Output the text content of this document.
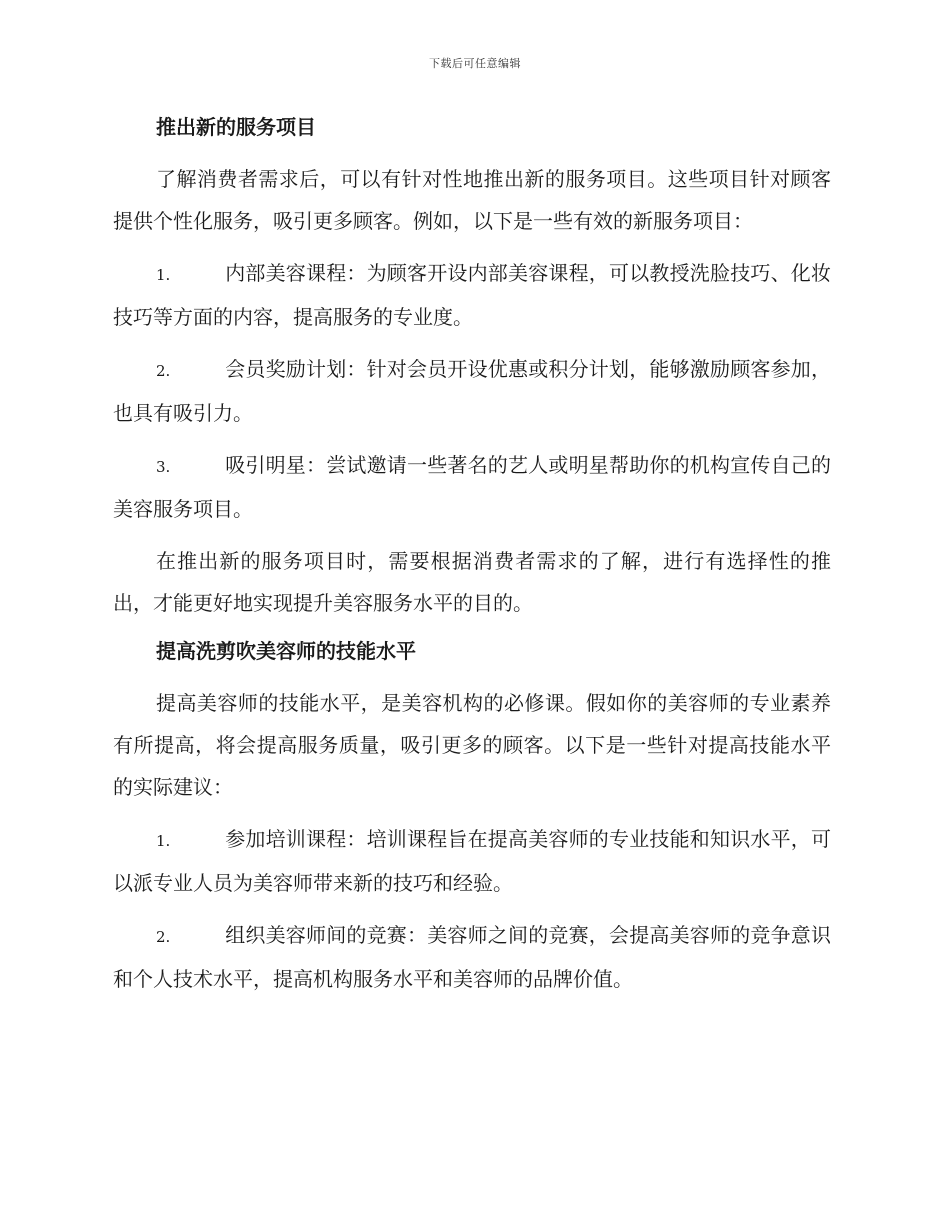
下载后可任意编辑
推出新的服务项目

了解消费者需求后，可以有针对性地推出新的服务项目。这些项目针对顾客提供个性化服务，吸引更多顾客。例如，以下是一些有效的新服务项目：

1.	内部美容课程：为顾客开设内部美容课程，可以教授洗脸技巧、化妆技巧等方面的内容，提高服务的专业度。

2.	会员奖励计划：针对会员开设优惠或积分计划，能够激励顾客参加，也具有吸引力。

3.	吸引明星：尝试邀请一些著名的艺人或明星帮助你的机构宣传自己的美容服务项目。

在推出新的服务项目时，需要根据消费者需求的了解，进行有选择性的推出，才能更好地实现提升美容服务水平的目的。

提高洗剪吹美容师的技能水平

提高美容师的技能水平，是美容机构的必修课。假如你的美容师的专业素养有所提高，将会提高服务质量，吸引更多的顾客。以下是一些针对提高技能水平的实际建议：

1.	参加培训课程：培训课程旨在提高美容师的专业技能和知识水平，可以派专业人员为美容师带来新的技巧和经验。

2.	组织美容师间的竞赛：美容师之间的竞赛，会提高美容师的竞争意识和个人技术水平，提高机构服务水平和美容师的品牌价值。
